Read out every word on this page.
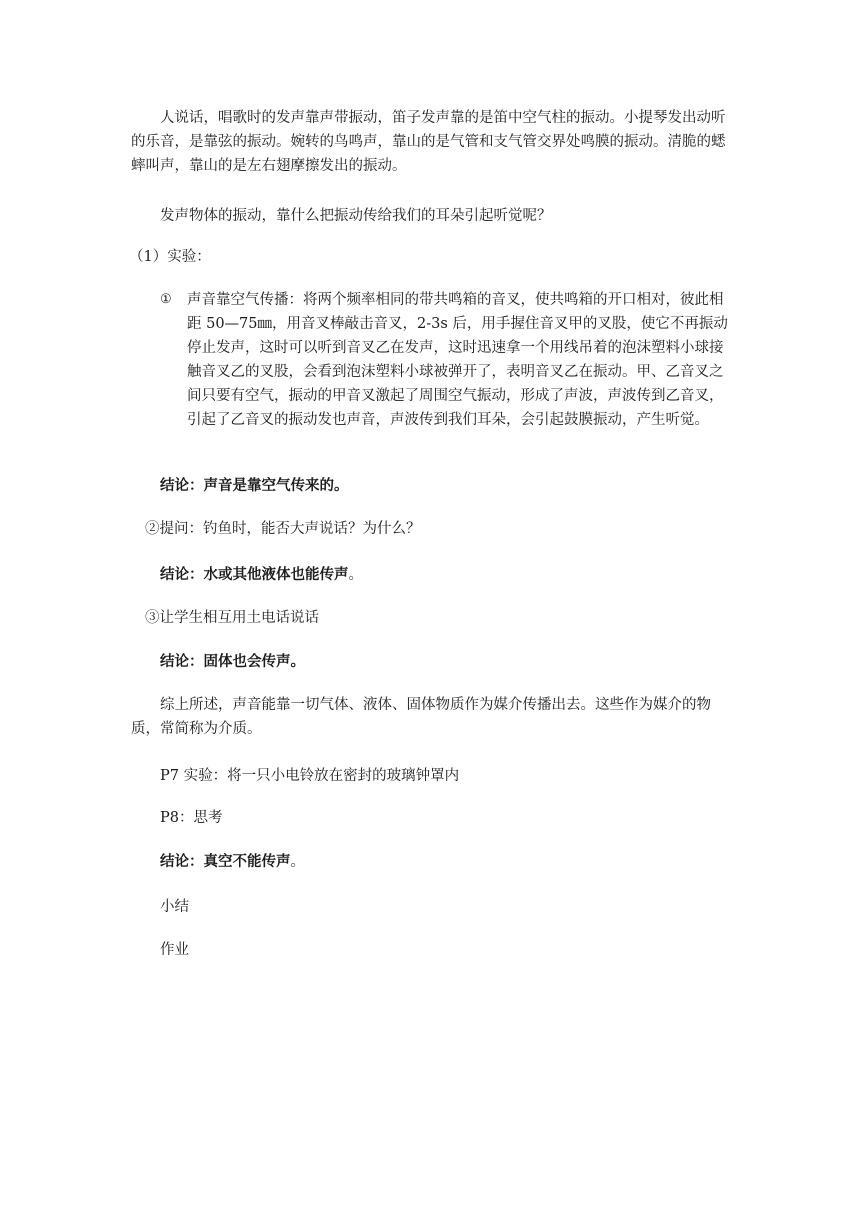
人说话，唱歌时的发声靠声带振动，笛子发声靠的是笛中空气柱的振动。小提琴发出动听的乐音，是靠弦的振动。婉转的鸟鸣声，靠山的是气管和支气管交界处鸣膜的振动。清脆的蟋蟀叫声，靠山的是左右翅摩擦发出的振动。

发声物体的振动，靠什么把振动传给我们的耳朵引起听觉呢？

（1）实验：

①	声音靠空气传播：将两个频率相同的带共鸣箱的音叉，使共鸣箱的开口相对，彼此相距 50—75㎜，用音叉棒敲击音叉，2-3s 后，用手握住音叉甲的叉股，使它不再振动停止发声，这时可以听到音叉乙在发声，这时迅速拿一个用线吊着的泡沫塑料小球接触音叉乙的叉股，会看到泡沫塑料小球被弹开了，表明音叉乙在振动。甲、乙音叉之间只要有空气，振动的甲音叉激起了周围空气振动，形成了声波，声波传到乙音叉，引起了乙音叉的振动发也声音，声波传到我们耳朵，会引起鼓膜振动，产生听觉。

结论：声音是靠空气传来的。

②提问：钓鱼时，能否大声说话？为什么？

结论：水或其他液体也能传声。

③让学生相互用土电话说话

结论：固体也会传声。

综上所述，声音能靠一切气体、液体、固体物质作为媒介传播出去。这些作为媒介的物质，常简称为介质。

P7 实验：将一只小电铃放在密封的玻璃钟罩内

P8：思考

结论：真空不能传声。

小结

作业
